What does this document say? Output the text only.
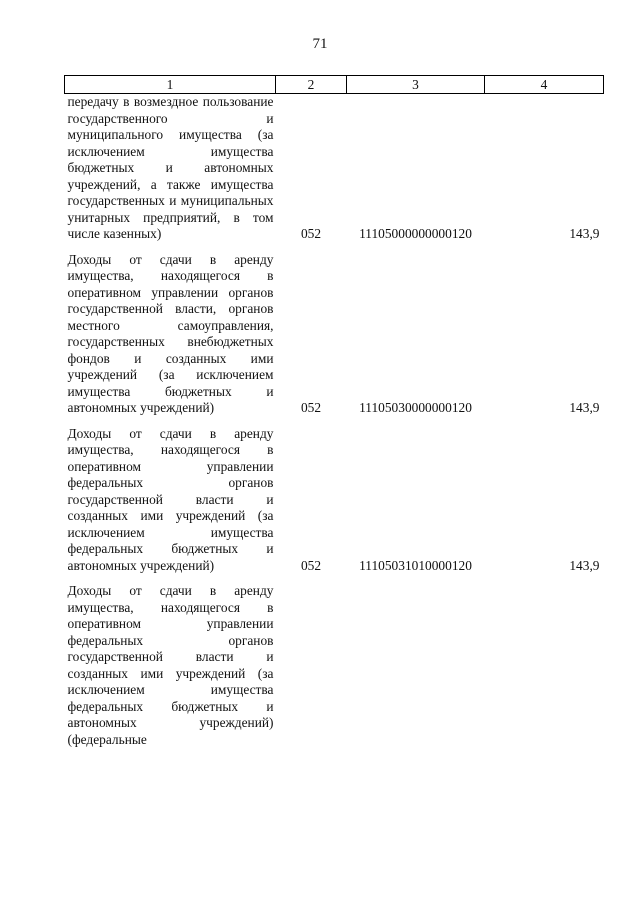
71
1	2	3	4
передачу в возмездное пользование государственного и муниципального имущества (за исключением имущества бюджетных и автономных учреждений, а также имущества государственных и муниципальных унитарных предприятий, в том числе казенных)	052	11105000000000120	143,9
Доходы от сдачи в аренду имущества, находящегося в оперативном управлении органов государственной власти, органов местного самоуправления, государственных внебюджетных фондов и созданных ими учреждений (за исключением имущества бюджетных и автономных учреждений)	052	11105030000000120	143,9
Доходы от сдачи в аренду имущества, находящегося в оперативном управлении федеральных органов государственной власти и созданных ими учреждений (за исключением имущества федеральных бюджетных и автономных учреждений)	052	11105031010000120	143,9
Доходы от сдачи в аренду имущества, находящегося в оперативном управлении федеральных органов государственной власти и созданных ими учреждений (за исключением имущества федеральных бюджетных и автономных учреждений) (федеральные			
